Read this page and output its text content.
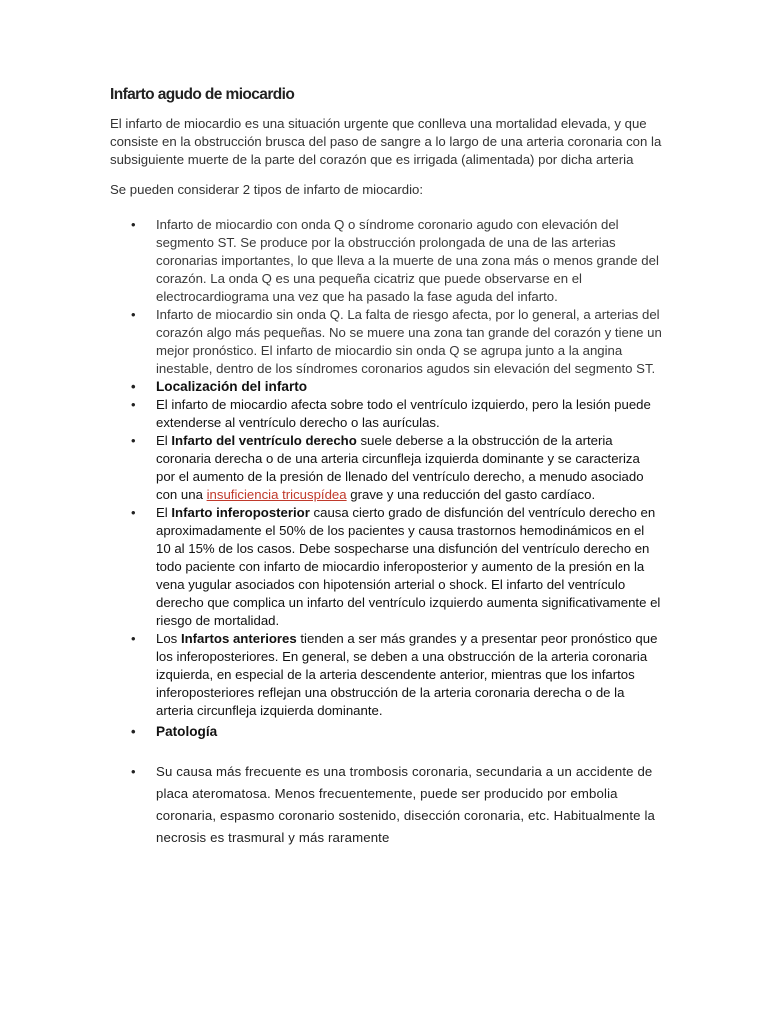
Infarto agudo de miocardio

El infarto de miocardio es una situación urgente que conlleva una mortalidad elevada, y que consiste en la obstrucción brusca del paso de sangre a lo largo de una arteria coronaria con la subsiguiente muerte de la parte del corazón que es irrigada (alimentada) por dicha arteria

Se pueden considerar 2 tipos de infarto de miocardio:

• Infarto de miocardio con onda Q o síndrome coronario agudo con elevación del segmento ST. Se produce por la obstrucción prolongada de una de las arterias coronarias importantes, lo que lleva a la muerte de una zona más o menos grande del corazón. La onda Q es una pequeña cicatriz que puede observarse en el electrocardiograma una vez que ha pasado la fase aguda del infarto.
• Infarto de miocardio sin onda Q. La falta de riesgo afecta, por lo general, a arterias del corazón algo más pequeñas. No se muere una zona tan grande del corazón y tiene un mejor pronóstico. El infarto de miocardio sin onda Q se agrupa junto a la angina inestable, dentro de los síndromes coronarios agudos sin elevación del segmento ST.
• Localización del infarto
• El infarto de miocardio afecta sobre todo el ventrículo izquierdo, pero la lesión puede extenderse al ventrículo derecho o las aurículas.
• El Infarto del ventrículo derecho suele deberse a la obstrucción de la arteria coronaria derecha o de una arteria circunfleja izquierda dominante y se caracteriza por el aumento de la presión de llenado del ventrículo derecho, a menudo asociado con una insuficiencia tricuspídea grave y una reducción del gasto cardíaco.
• El Infarto inferoposterior causa cierto grado de disfunción del ventrículo derecho en aproximadamente el 50% de los pacientes y causa trastornos hemodinámicos en el 10 al 15% de los casos. Debe sospecharse una disfunción del ventrículo derecho en todo paciente con infarto de miocardio inferoposterior y aumento de la presión en la vena yugular asociados con hipotensión arterial o shock. El infarto del ventrículo derecho que complica un infarto del ventrículo izquierdo aumenta significativamente el riesgo de mortalidad.
• Los Infartos anteriores tienden a ser más grandes y a presentar peor pronóstico que los inferoposteriores. En general, se deben a una obstrucción de la arteria coronaria izquierda, en especial de la arteria descendente anterior, mientras que los infartos inferoposteriores reflejan una obstrucción de la arteria coronaria derecha o de la arteria circunfleja izquierda dominante.
• Patología
• Su causa más frecuente es una trombosis coronaria, secundaria a un accidente de placa ateromatosa. Menos frecuentemente, puede ser producido por embolia coronaria, espasmo coronario sostenido, disección coronaria, etc. Habitualmente la necrosis es trasmural y más raramente
